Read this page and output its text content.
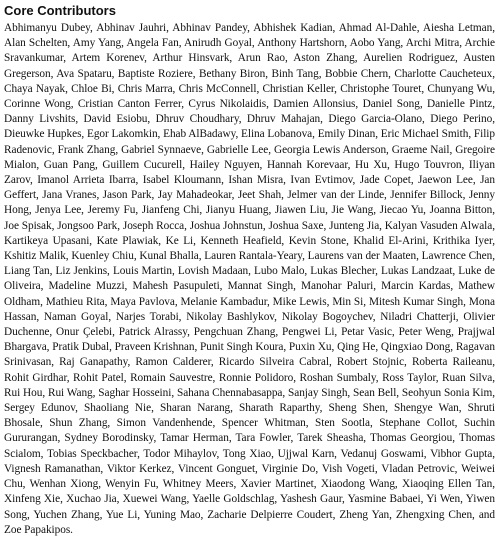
Core Contributors

Abhimanyu Dubey, Abhinav Jauhri, Abhinav Pandey, Abhishek Kadian, Ahmad Al-Dahle, Aiesha Letman, Alan Schelten, Amy Yang, Angela Fan, Anirudh Goyal, Anthony Hartshorn, Aobo Yang, Archi Mitra, Archie Sravankumar, Artem Korenev, Arthur Hinsvark, Arun Rao, Aston Zhang, Aurelien Rodriguez, Austen Gregerson, Ava Spataru, Baptiste Roziere, Bethany Biron, Binh Tang, Bobbie Chern, Charlotte Caucheteux, Chaya Nayak, Chloe Bi, Chris Marra, Chris McConnell, Christian Keller, Christophe Touret, Chunyang Wu, Corinne Wong, Cristian Canton Ferrer, Cyrus Nikolaidis, Damien Allonsius, Daniel Song, Danielle Pintz, Danny Livshits, David Esiobu, Dhruv Choudhary, Dhruv Mahajan, Diego Garcia-Olano, Diego Perino, Dieuwke Hupkes, Egor Lakomkin, Ehab AlBadawy, Elina Lobanova, Emily Dinan, Eric Michael Smith, Filip Radenovic, Frank Zhang, Gabriel Synnaeve, Gabrielle Lee, Georgia Lewis Anderson, Graeme Nail, Gregoire Mialon, Guan Pang, Guillem Cucurell, Hailey Nguyen, Hannah Korevaar, Hu Xu, Hugo Touvron, Iliyan Zarov, Imanol Arrieta Ibarra, Isabel Kloumann, Ishan Misra, Ivan Evtimov, Jade Copet, Jaewon Lee, Jan Geffert, Jana Vranes, Jason Park, Jay Mahadeokar, Jeet Shah, Jelmer van der Linde, Jennifer Billock, Jenny Hong, Jenya Lee, Jeremy Fu, Jianfeng Chi, Jianyu Huang, Jiawen Liu, Jie Wang, Jiecao Yu, Joanna Bitton, Joe Spisak, Jongsoo Park, Joseph Rocca, Joshua Johnstun, Joshua Saxe, Junteng Jia, Kalyan Vasuden Alwala, Kartikeya Upasani, Kate Plawiak, Ke Li, Kenneth Heafield, Kevin Stone, Khalid El-Arini, Krithika Iyer, Kshitiz Malik, Kuenley Chiu, Kunal Bhalla, Lauren Rantala-Yeary, Laurens van der Maaten, Lawrence Chen, Liang Tan, Liz Jenkins, Louis Martin, Lovish Madaan, Lubo Malo, Lukas Blecher, Lukas Landzaat, Luke de Oliveira, Madeline Muzzi, Mahesh Pasupuleti, Mannat Singh, Manohar Paluri, Marcin Kardas, Mathew Oldham, Mathieu Rita, Maya Pavlova, Melanie Kambadur, Mike Lewis, Min Si, Mitesh Kumar Singh, Mona Hassan, Naman Goyal, Narjes Torabi, Nikolay Bashlykov, Nikolay Bogoychev, Niladri Chatterji, Olivier Duchenne, Onur Çelebi, Patrick Alrassy, Pengchuan Zhang, Pengwei Li, Petar Vasic, Peter Weng, Prajjwal Bhargava, Pratik Dubal, Praveen Krishnan, Punit Singh Koura, Puxin Xu, Qing He, Qingxiao Dong, Ragavan Srinivasan, Raj Ganapathy, Ramon Calderer, Ricardo Silveira Cabral, Robert Stojnic, Roberta Raileanu, Rohit Girdhar, Rohit Patel, Romain Sauvestre, Ronnie Polidoro, Roshan Sumbaly, Ross Taylor, Ruan Silva, Rui Hou, Rui Wang, Saghar Hosseini, Sahana Chennabasappa, Sanjay Singh, Sean Bell, Seohyun Sonia Kim, Sergey Edunov, Shaoliang Nie, Sharan Narang, Sharath Raparthy, Sheng Shen, Shengye Wan, Shruti Bhosale, Shun Zhang, Simon Vandenhende, Spencer Whitman, Sten Sootla, Stephane Collot, Suchin Gururangan, Sydney Borodinsky, Tamar Herman, Tara Fowler, Tarek Sheasha, Thomas Georgiou, Thomas Scialom, Tobias Speckbacher, Todor Mihaylov, Tong Xiao, Ujjwal Karn, Vedanuj Goswami, Vibhor Gupta, Vignesh Ramanathan, Viktor Kerkez, Vincent Gonguet, Virginie Do, Vish Vogeti, Vladan Petrovic, Weiwei Chu, Wenhan Xiong, Wenyin Fu, Whitney Meers, Xavier Martinet, Xiaodong Wang, Xiaoqing Ellen Tan, Xinfeng Xie, Xuchao Jia, Xuewei Wang, Yaelle Goldschlag, Yashesh Gaur, Yasmine Babaei, Yi Wen, Yiwen Song, Yuchen Zhang, Yue Li, Yuning Mao, Zacharie Delpierre Coudert, Zheng Yan, Zhengxing Chen, and Zoe Papakipos.
